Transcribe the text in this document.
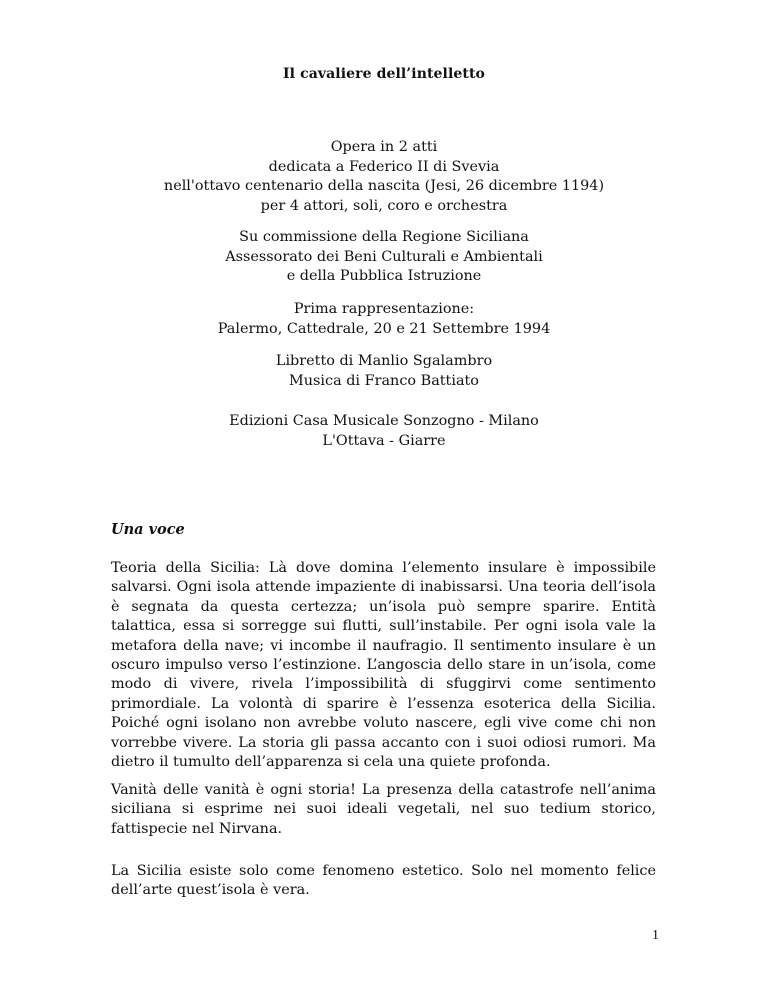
Il cavaliere dell’intelletto
Opera in 2 atti
dedicata a Federico II di Svevia
nell'ottavo centenario della nascita (Jesi, 26 dicembre 1194)
per 4 attori, soli, coro e orchestra
Su commissione della Regione Siciliana
Assessorato dei Beni Culturali e Ambientali
e della Pubblica Istruzione
Prima rappresentazione:
Palermo, Cattedrale, 20 e 21 Settembre 1994
Libretto di Manlio Sgalambro
Musica di Franco Battiato
Edizioni Casa Musicale Sonzogno - Milano
L'Ottava - Giarre
Una voce

Teoria della Sicilia: Là dove domina l’elemento insulare è impossibile salvarsi. Ogni isola attende impaziente di inabissarsi. Una teoria dell’isola è segnata da questa certezza; un’isola può sempre sparire. Entità talattica, essa si sorregge sui flutti, sull’instabile. Per ogni isola vale la metafora della nave; vi incombe il naufragio. Il sentimento insulare è un oscuro impulso verso l’estinzione. L’angoscia dello stare in un’isola, come modo di vivere, rivela l’impossibilità di sfuggirvi come sentimento primordiale. La volontà di sparire è l’essenza esoterica della Sicilia. Poiché ogni isolano non avrebbe voluto nascere, egli vive come chi non vorrebbe vivere. La storia gli passa accanto con i suoi odiosi rumori. Ma dietro il tumulto dell’apparenza si cela una quiete profonda.

Vanità delle vanità è ogni storia! La presenza della catastrofe nell’anima siciliana si esprime nei suoi ideali vegetali, nel suo tedium storico, fattispecie nel Nirvana.

La Sicilia esiste solo come fenomeno estetico. Solo nel momento felice dell’arte quest’isola è vera.

1
